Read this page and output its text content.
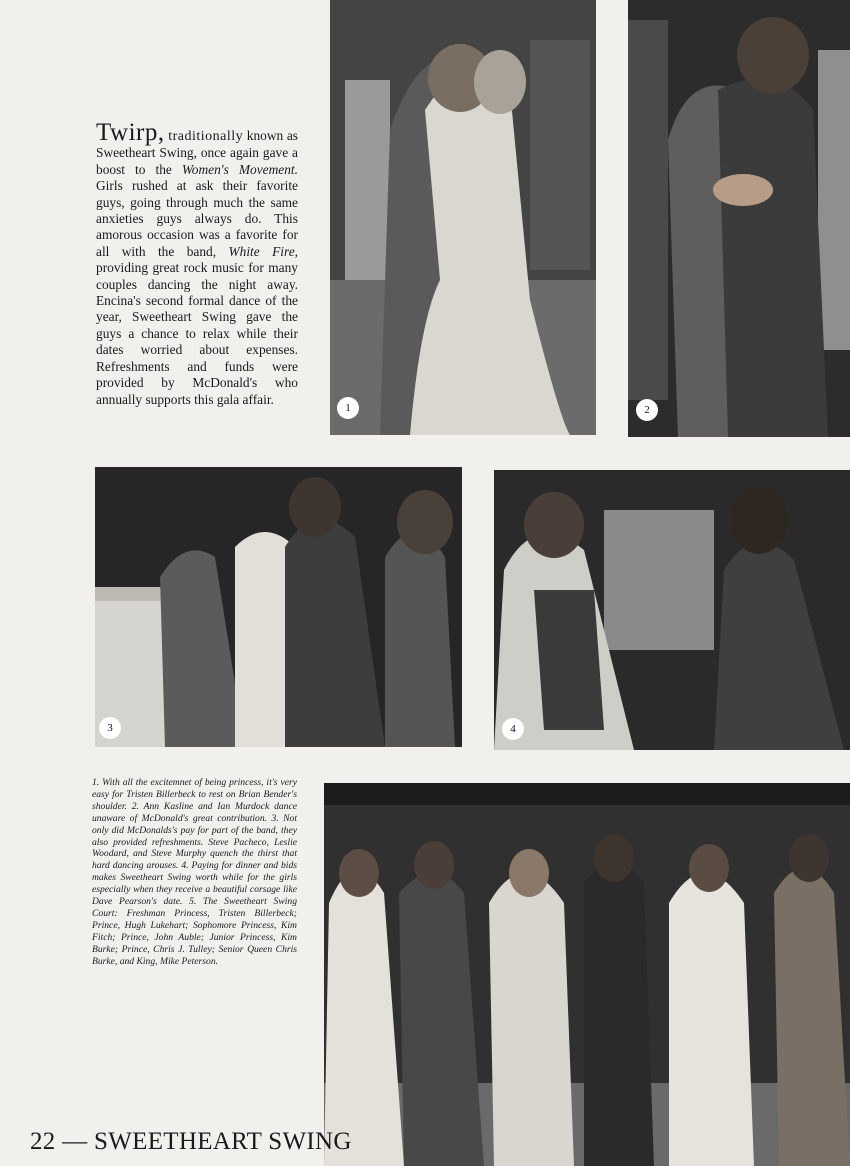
Twirp, traditionally known as Sweetheart Swing, once again gave a boost to the Women's Movement. Girls rushed at ask their favorite guys, going through much the same anxieties guys always do. This amorous occasion was a favorite for all with the band, White Fire, providing great rock music for many couples dancing the night away. Encina's second formal dance of the year, Sweetheart Swing gave the guys a chance to relax while their dates worried about expenses. Refreshments and funds were provided by McDonald's who annually supports this gala affair.
1	2
3	4
1. With all the excitemnet of being princess, it's very easy for Tristen Billerbeck to rest on Brian Bender's shoulder. 2. Ann Kasline and Ian Murdock dance unaware of McDonald's great contribution. 3. Not only did McDonalds's pay for part of the band, they also provided refreshments. Steve Pacheco, Leslie Woodard, and Steve Murphy quench the thirst that hard dancing arouses. 4. Paying for dinner and bids makes Sweetheart Swing worth while for the girls especially when they receive a beautiful corsage like Dave Pearson's date. 5. The Sweetheart Swing Court: Freshman Princess, Tristen Billerbeck; Prince, Hugh Lukehart; Sophomore Princess, Kim Fitch; Prince, John Auble; Junior Princess, Kim Burke; Prince, Chris J. Tulley; Senior Queen Chris Burke, and King, Mike Peterson.
22 — SWEETHEART SWING
